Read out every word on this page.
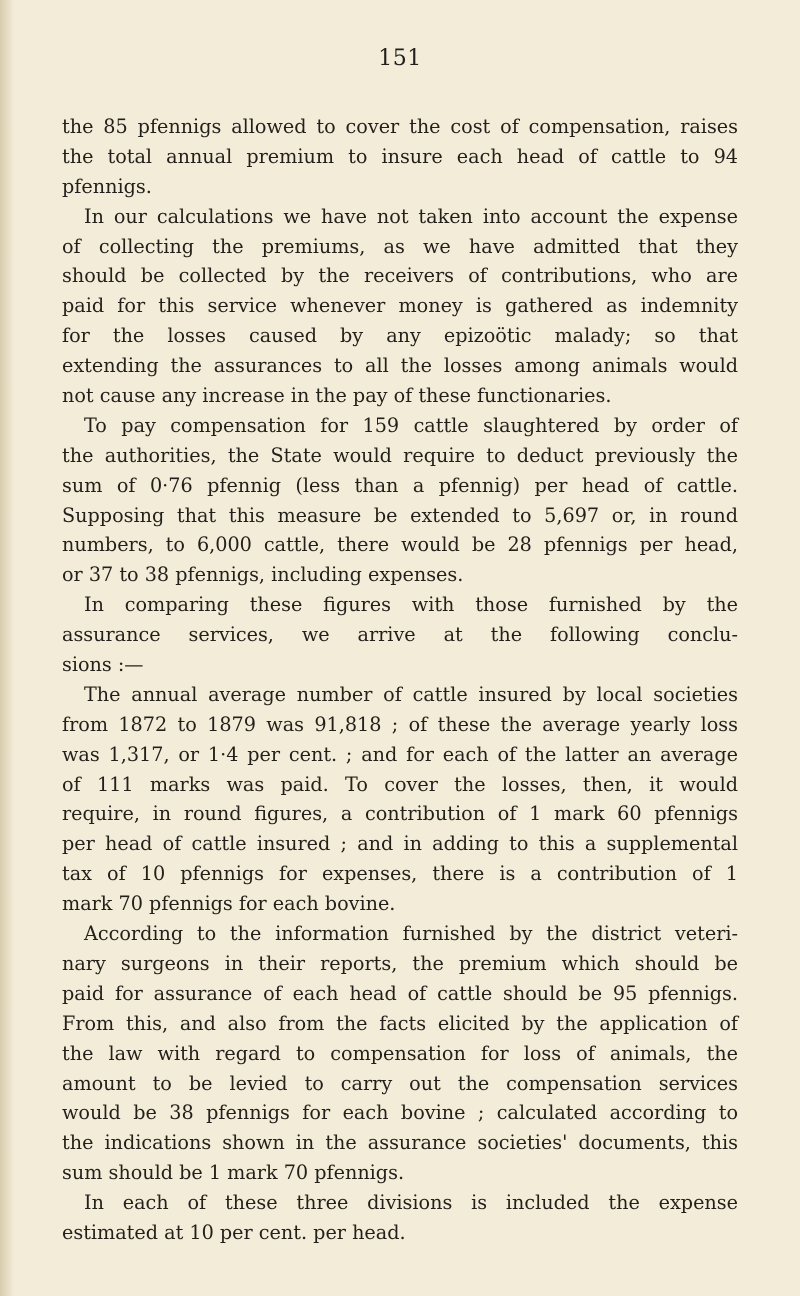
151
the 85 pfennigs allowed to cover the cost of compensation, raises
the total annual premium to insure each head of cattle to 94
pfennigs.
In our calculations we have not taken into account the expense
of collecting the premiums, as we have admitted that they
should be collected by the receivers of contributions, who are
paid for this service whenever money is gathered as indemnity
for the losses caused by any epizoötic malady; so that
extending the assurances to all the losses among animals would
not cause any increase in the pay of these functionaries.
To pay compensation for 159 cattle slaughtered by order of
the authorities, the State would require to deduct previously the
sum of 0·76 pfennig (less than a pfennig) per head of cattle.
Supposing that this measure be extended to 5,697 or, in round
numbers, to 6,000 cattle, there would be 28 pfennigs per head,
or 37 to 38 pfennigs, including expenses.
In comparing these figures with those furnished by the
assurance services, we arrive at the following conclu-
sions :—
The annual average number of cattle insured by local societies
from 1872 to 1879 was 91,818 ; of these the average yearly loss
was 1,317, or 1·4 per cent. ; and for each of the latter an average
of 111 marks was paid. To cover the losses, then, it would
require, in round figures, a contribution of 1 mark 60 pfennigs
per head of cattle insured ; and in adding to this a supplemental
tax of 10 pfennigs for expenses, there is a contribution of 1
mark 70 pfennigs for each bovine.
According to the information furnished by the district veteri-
nary surgeons in their reports, the premium which should be
paid for assurance of each head of cattle should be 95 pfennigs.
From this, and also from the facts elicited by the application of
the law with regard to compensation for loss of animals, the
amount to be levied to carry out the compensation services
would be 38 pfennigs for each bovine ; calculated according to
the indications shown in the assurance societies' documents, this
sum should be 1 mark 70 pfennigs.
In each of these three divisions is included the expense
estimated at 10 per cent. per head.
